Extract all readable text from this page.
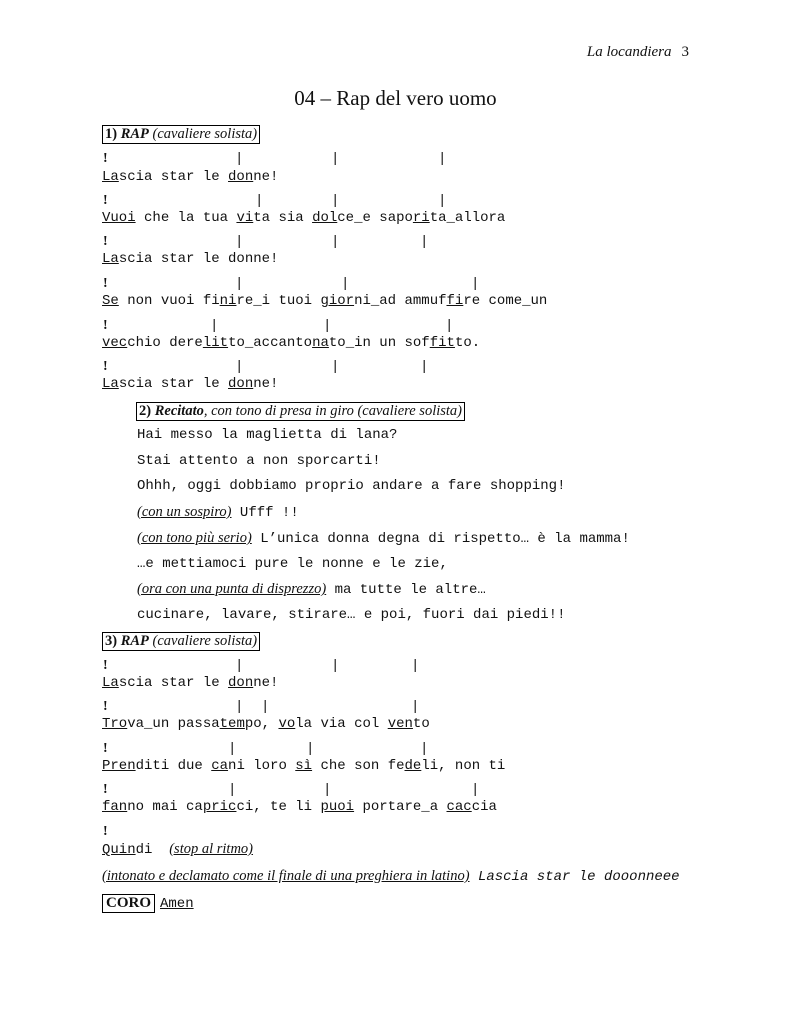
La locandiera 3
04 – Rap del vero uomo
1) RAP (cavaliere solista)
!	|	|	|
Lascia star le donne!
!	|	|	|
Vuoi che la tua vita sia dolce_e saporita_allora
!	|	|	|
Lascia star le donne!
!	|	|	|
Se non vuoi finire_i tuoi giorni_ad ammuffire come_un
!	|	|	|
vecchio derelitto_accantonato_in un soffitto.
!	|	|	|
Lascia star le donne!
2) Recitato, con tono di presa in giro (cavaliere solista)
Hai messo la maglietta di lana?
Stai attento a non sporcarti!
Ohhh, oggi dobbiamo proprio andare a fare shopping!
(con un sospiro) Ufff !!
(con tono più serio) L’unica donna degna di rispetto… è la mamma!
…e mettiamoci pure le nonne e le zie,
(ora con una punta di disprezzo) ma tutte le altre…
cucinare, lavare, stirare… e poi, fuori dai piedi!!
3) RAP (cavaliere solista)
!	|	|	|
Lascia star le donne!
!	| |	|
Trova_un passatempo, vola via col vento
!	|	|	|
Prenditi due cani loro sì che son fedeli, non ti
!	|	|	|
fanno mai capricci, te li puoi portare_a caccia
!
Quindi  (stop al ritmo)
(intonato e declamato come il finale di una preghiera in latino) Lascia star le dooonneee
CORO Amen
